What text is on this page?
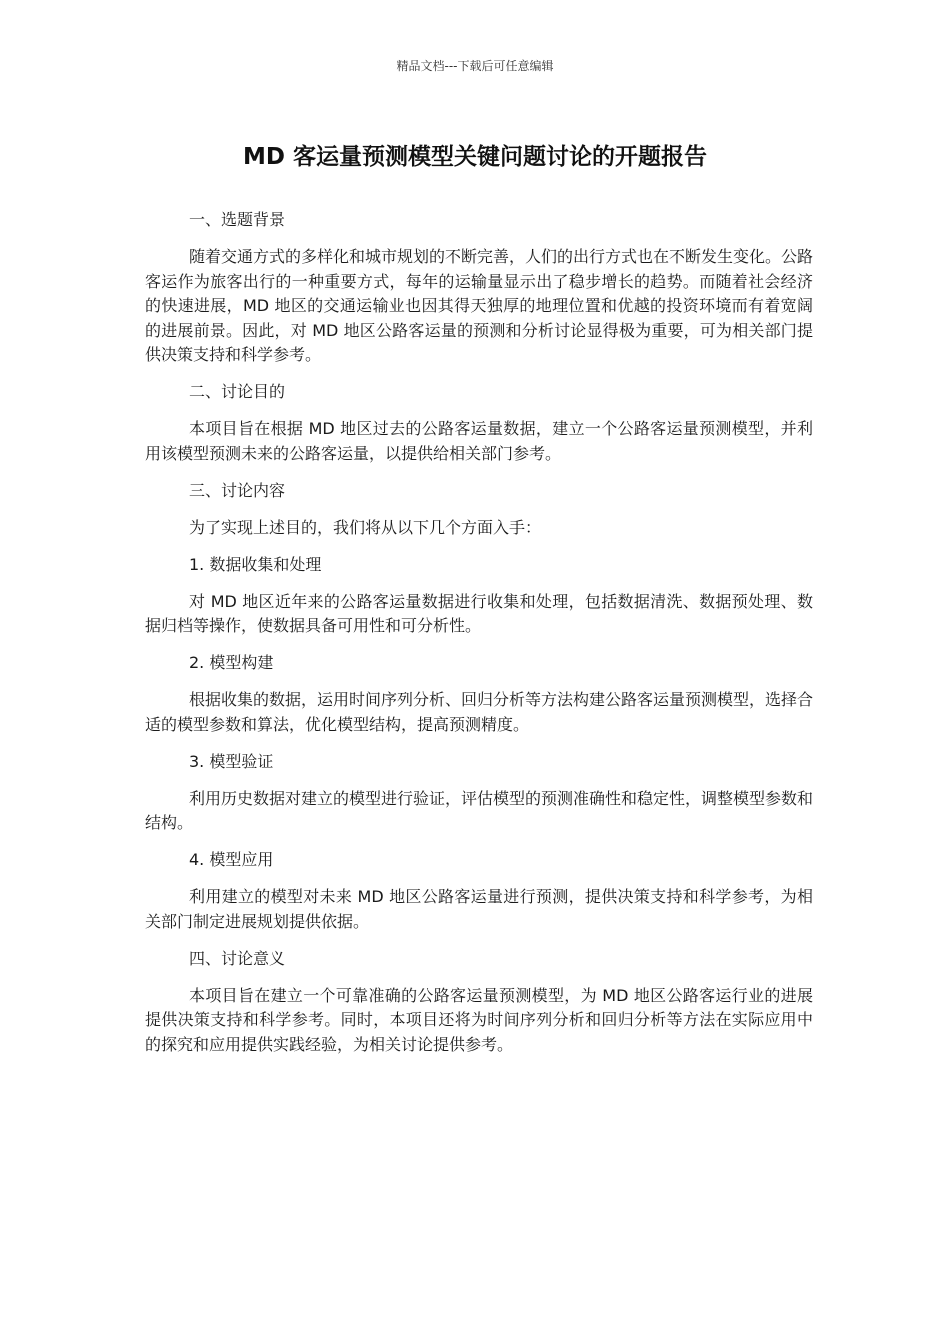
精品文档---下载后可任意编辑
MD 客运量预测模型关键问题讨论的开题报告

一、选题背景

随着交通方式的多样化和城市规划的不断完善，人们的出行方式也在不断发生变化。公路客运作为旅客出行的一种重要方式，每年的运输量显示出了稳步增长的趋势。而随着社会经济的快速进展，MD 地区的交通运输业也因其得天独厚的地理位置和优越的投资环境而有着宽阔的进展前景。因此，对 MD 地区公路客运量的预测和分析讨论显得极为重要，可为相关部门提供决策支持和科学参考。

二、讨论目的

本项目旨在根据 MD 地区过去的公路客运量数据，建立一个公路客运量预测模型，并利用该模型预测未来的公路客运量，以提供给相关部门参考。

三、讨论内容

为了实现上述目的，我们将从以下几个方面入手：

1. 数据收集和处理

对 MD 地区近年来的公路客运量数据进行收集和处理，包括数据清洗、数据预处理、数据归档等操作，使数据具备可用性和可分析性。

2. 模型构建

根据收集的数据，运用时间序列分析、回归分析等方法构建公路客运量预测模型，选择合适的模型参数和算法，优化模型结构，提高预测精度。

3. 模型验证

利用历史数据对建立的模型进行验证，评估模型的预测准确性和稳定性，调整模型参数和结构。

4. 模型应用

利用建立的模型对未来 MD 地区公路客运量进行预测，提供决策支持和科学参考，为相关部门制定进展规划提供依据。

四、讨论意义

本项目旨在建立一个可靠准确的公路客运量预测模型，为 MD 地区公路客运行业的进展提供决策支持和科学参考。同时，本项目还将为时间序列分析和回归分析等方法在实际应用中的探究和应用提供实践经验，为相关讨论提供参考。
